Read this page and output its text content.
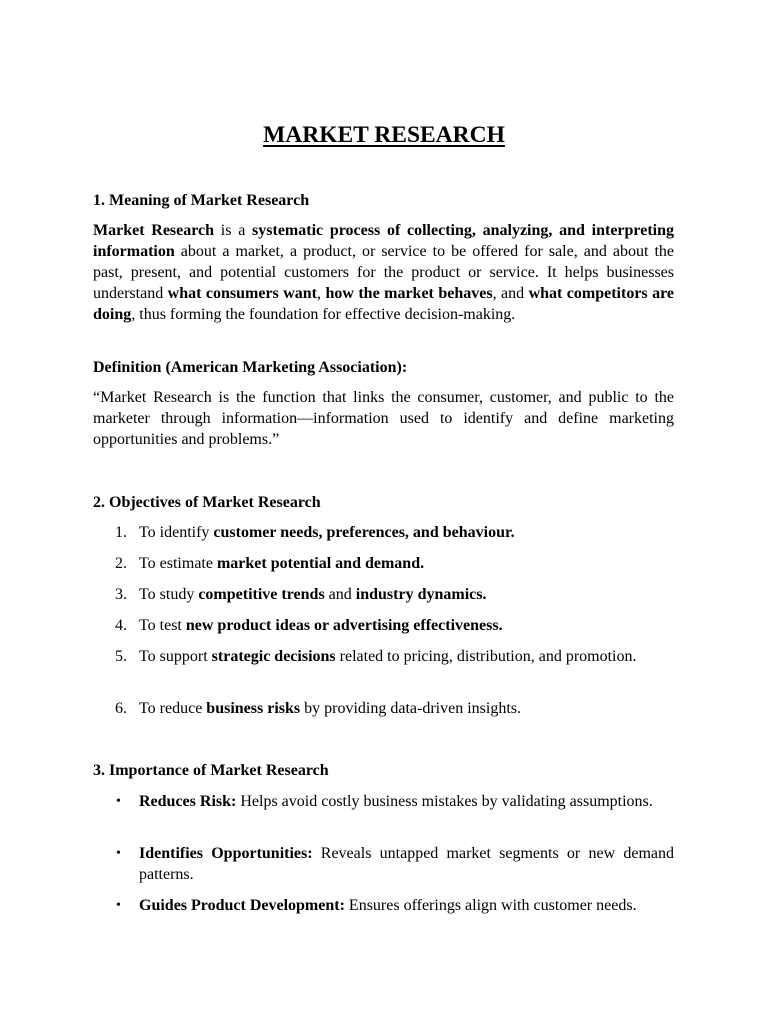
MARKET RESEARCH
1. Meaning of Market Research

Market Research is a systematic process of collecting, analyzing, and interpreting information about a market, a product, or service to be offered for sale, and about the past, present, and potential customers for the product or service. It helps businesses understand what consumers want, how the market behaves, and what competitors are doing, thus forming the foundation for effective decision-making.

Definition (American Marketing Association):

“Market Research is the function that links the consumer, customer, and public to the marketer through information—information used to identify and define marketing opportunities and problems.”

2. Objectives of Market Research
1. To identify customer needs, preferences, and behaviour.
2. To estimate market potential and demand.
3. To study competitive trends and industry dynamics.
4. To test new product ideas or advertising effectiveness.
5. To support strategic decisions related to pricing, distribution, and promotion.
6. To reduce business risks by providing data-driven insights.
3. Importance of Market Research
• Reduces Risk: Helps avoid costly business mistakes by validating assumptions.
• Identifies Opportunities: Reveals untapped market segments or new demand patterns.
• Guides Product Development: Ensures offerings align with customer needs.
